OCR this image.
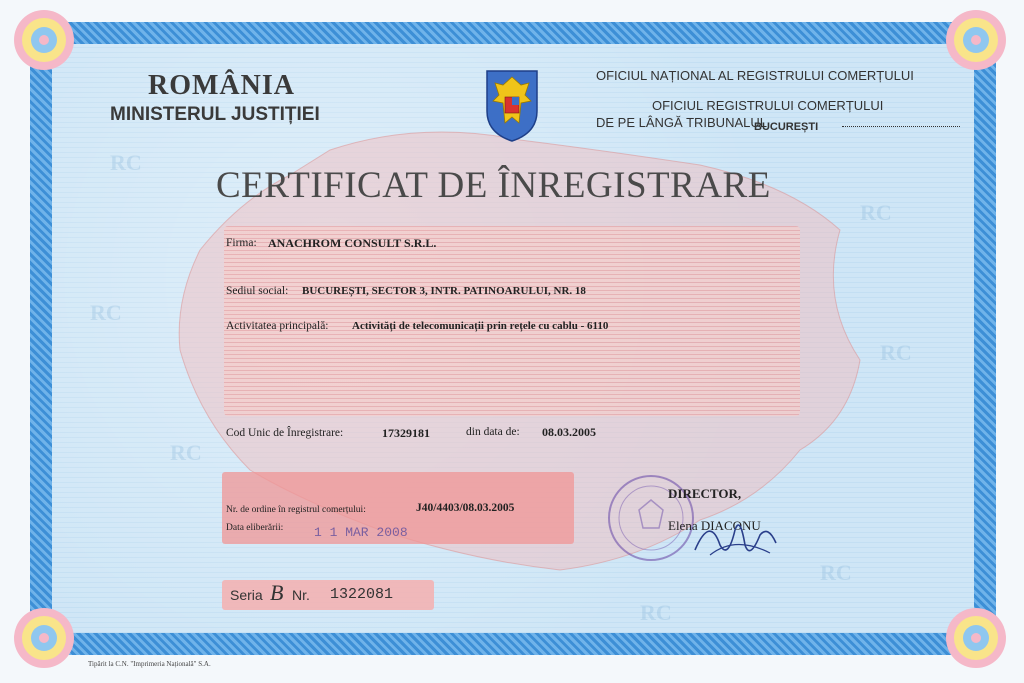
RC
RC
RC
RC
RC
RC
RC
ROMÂNIA
MINISTERUL JUSTIȚIEI
OFICIUL NAȚIONAL AL REGISTRULUI COMERȚULUI
OFICIUL REGISTRULUI COMERȚULUI
DE PE LÂNGĂ TRIBUNALUL
BUCUREȘTI
CERTIFICAT DE ÎNREGISTRARE
Firma: ANACHROM CONSULT S.R.L.
Sediul social: BUCUREȘTI, SECTOR 3, INTR. PATINOARULUI, NR. 18
Activitatea principală: Activități de telecomunicații prin rețele cu cablu - 6110
Cod Unic de Înregistrare:	17329181	din data de: 08.03.2005
Nr. de ordine în registrul comerțului:	J40/4403/08.03.2005
Data eliberării: 1 1 MAR 2008
Seria B Nr. 1322081
DIRECTOR,
Elena DIACONU
Tipărit la C.N. "Imprimeria Națională" S.A.
